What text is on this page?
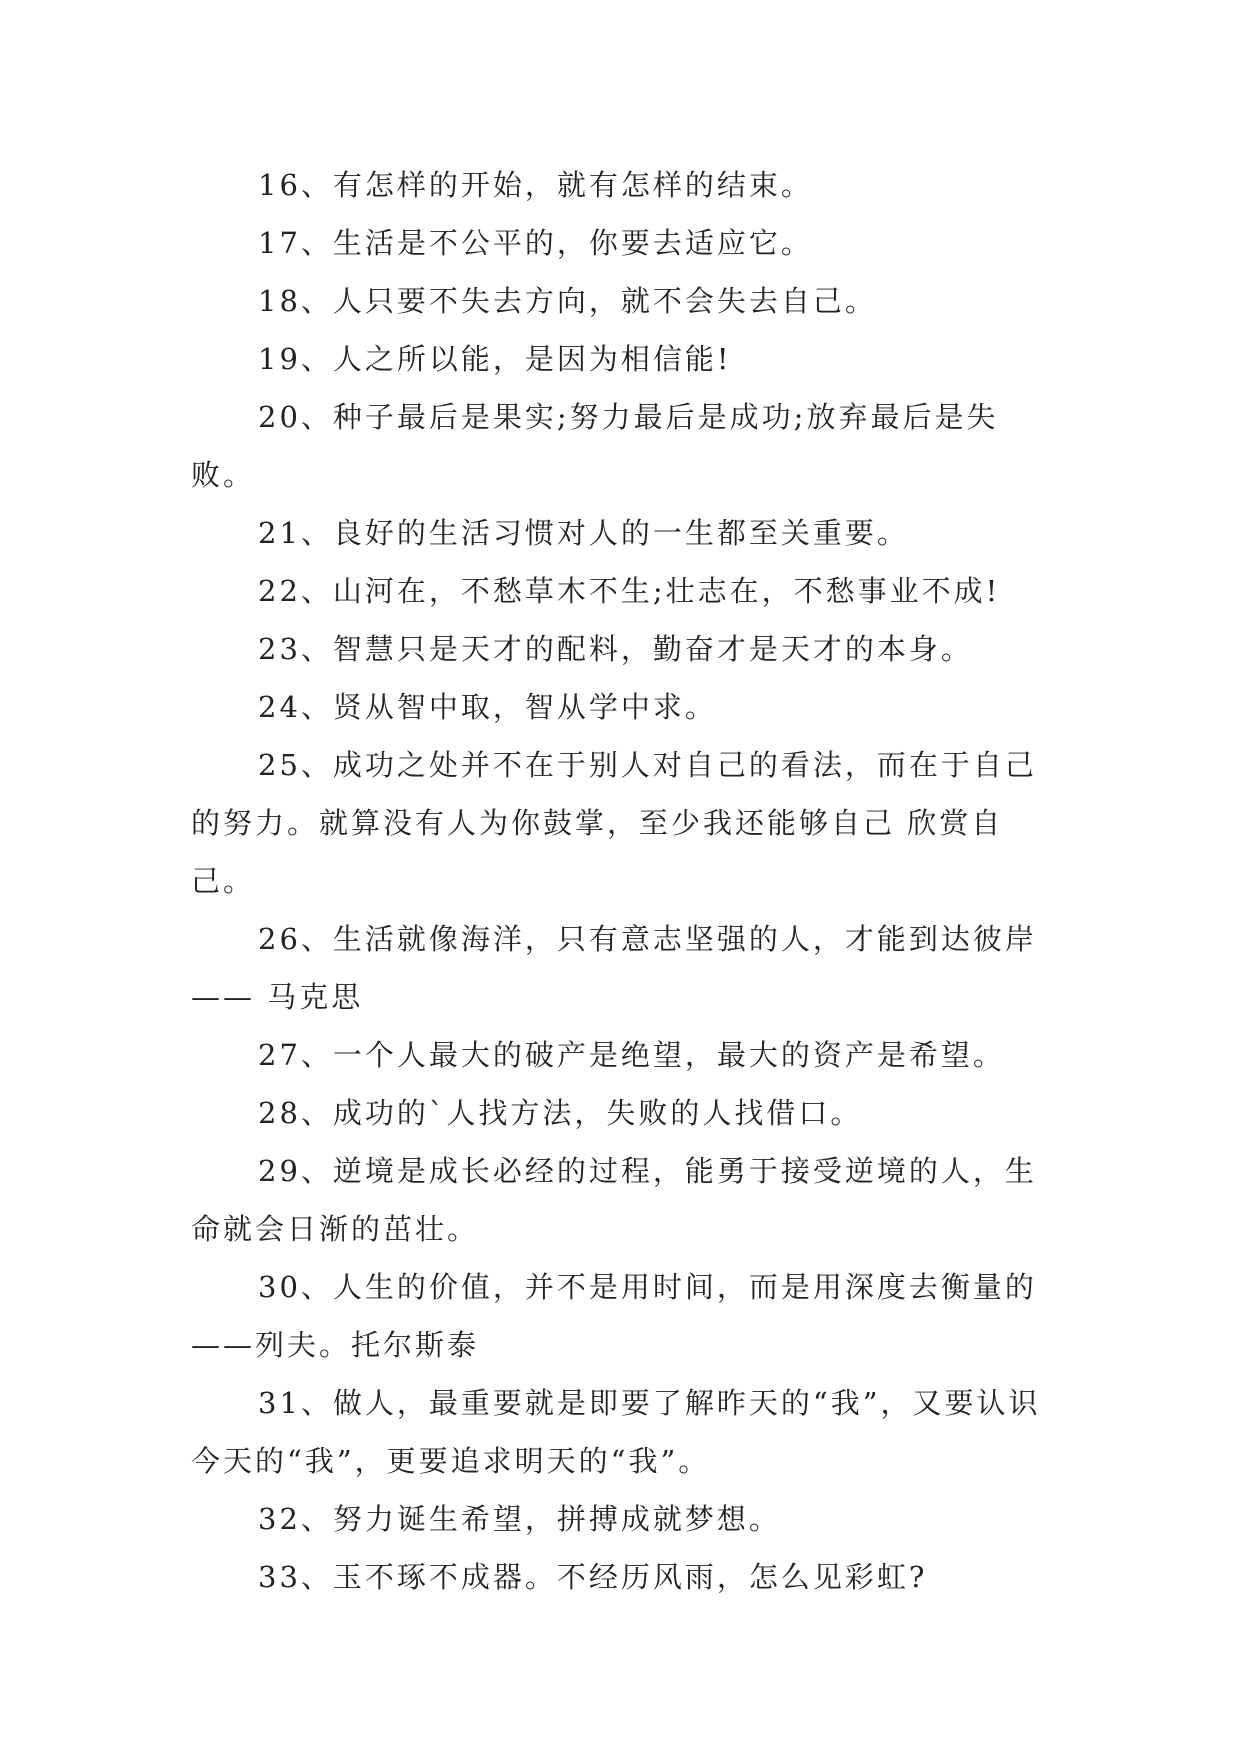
16、有怎样的开始，就有怎样的结束。

17、生活是不公平的，你要去适应它。

18、人只要不失去方向，就不会失去自己。

19、人之所以能，是因为相信能!

20、种子最后是果实;努力最后是成功;放弃最后是失败。

21、良好的生活习惯对人的一生都至关重要。

22、山河在，不愁草木不生;壮志在，不愁事业不成!

23、智慧只是天才的配料，勤奋才是天才的本身。

24、贤从智中取，智从学中求。

25、成功之处并不在于别人对自己的看法，而在于自己的努力。就算没有人为你鼓掌，至少我还能够自己 欣赏自己。

26、生活就像海洋，只有意志坚强的人，才能到达彼岸—— 马克思

27、一个人最大的破产是绝望，最大的资产是希望。

28、成功的`人找方法，失败的人找借口。

29、逆境是成长必经的过程，能勇于接受逆境的人，生命就会日渐的茁壮。

30、人生的价值，并不是用时间，而是用深度去衡量的——列夫。托尔斯泰

31、做人，最重要就是即要了解昨天的“我”，又要认识今天的“我”，更要追求明天的“我”。

32、努力诞生希望，拼搏成就梦想。

33、玉不琢不成器。不经历风雨，怎么见彩虹?
